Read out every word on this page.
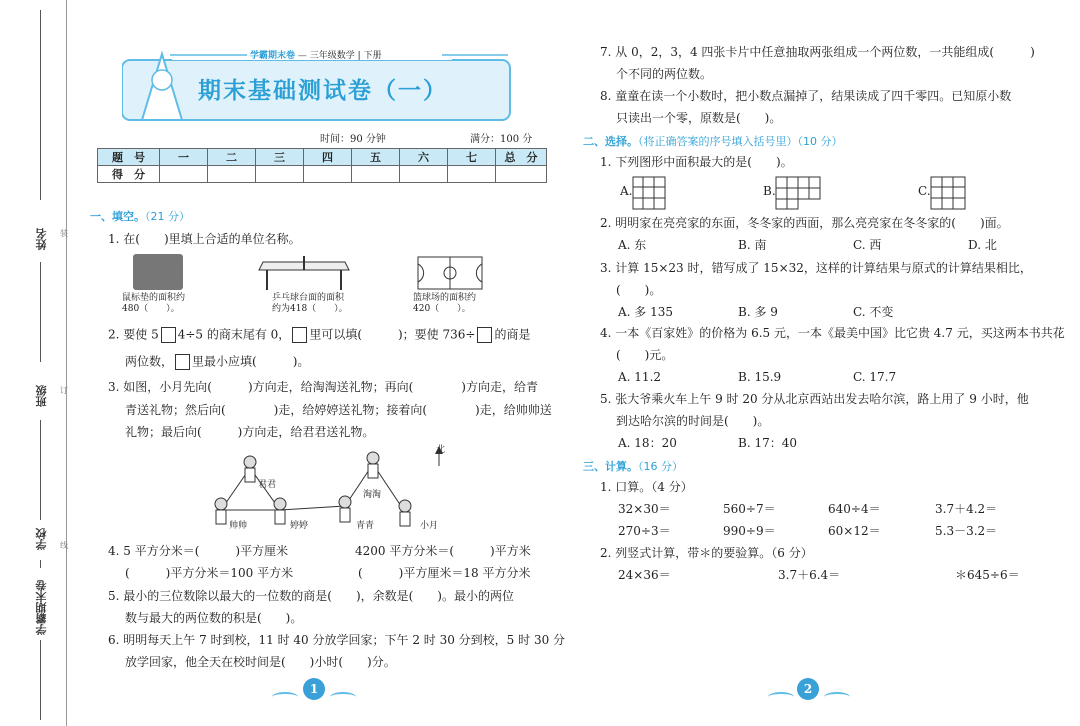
姓名
班级
学校
学霸期末卷
装
订
线
学霸期末卷 — 三年级数学 | 下册
期末基础测试卷（一）
时间：90 分钟	满分：100 分
题　号	一	二	三	四	五	六	七	总　分
得　分								
一、填空。（21 分）
1. 在(　　)里填上合适的单位名称。
鼠标垫的面积约
480（　　）。
乒乓球台面的面积
约为418（　　）。
篮球场的面积约
420（　　）。
2. 要使 5 4÷5 的商末尾有 0， 里可以填(　　　)；要使 736÷ 的商是
两位数， 里最小应填(　　　)。
3. 如图，小月先向(　　　)方向走，给淘淘送礼物；再向(　　　　)方向走，给青
青送礼物；然后向(　　　　)走，给婷婷送礼物；接着向(　　　　)走，给帅帅送
礼物；最后向(　　　)方向走，给君君送礼物。
君君
淘淘
帅帅	婷婷	青青	小月
北
4. 5 平方分米＝(　　　)平方厘米	4200 平方分米＝(　　　)平方米
(　　　)平方分米＝100 平方米	(　　　)平方厘米＝18 平方分米
5. 最小的三位数除以最大的一位数的商是(　　)，余数是(　　)。最小的两位
数与最大的两位数的积是(　　)。
6. 明明每天上午 7 时到校，11 时 40 分放学回家；下午 2 时 30 分到校，5 时 30 分
放学回家，他全天在校时间是(　　)小时(　　)分。
1
7. 从 0，2，3，4 四张卡片中任意抽取两张组成一个两位数，一共能组成(　　　)
个不同的两位数。
8. 童童在读一个小数时，把小数点漏掉了，结果读成了四千零四。已知原小数
只读出一个零，原数是(　　)。
二、选择。（将正确答案的序号填入括号里）（10 分）
1. 下列图形中面积最大的是(　　)。
A.	B.	C.
2. 明明家在亮亮家的东面，冬冬家的西面，那么亮亮家在冬冬家的(　　)面。
A. 东	B. 南	C. 西	D. 北
3. 计算 15×23 时，错写成了 15×32，这样的计算结果与原式的计算结果相比，
(　　)。
A. 多 135	B. 多 9	C. 不变
4. 一本《百家姓》的价格为 6.5 元，一本《最美中国》比它贵 4.7 元，买这两本书共花
(　　)元。
A. 11.2	B. 15.9	C. 17.7
5. 张大爷乘火车上午 9 时 20 分从北京西站出发去哈尔滨，路上用了 9 小时，他
到达哈尔滨的时间是(　　)。
A. 18：20	B. 17：40
三、计算。（16 分）
1. 口算。（4 分）
32×30＝	560÷7＝	640÷4＝	3.7＋4.2＝
270÷3＝	990÷9＝	60×12＝	5.3－3.2＝
2. 列竖式计算，带＊的要验算。（6 分）
24×36＝	3.7＋6.4＝	＊645÷6＝
2
